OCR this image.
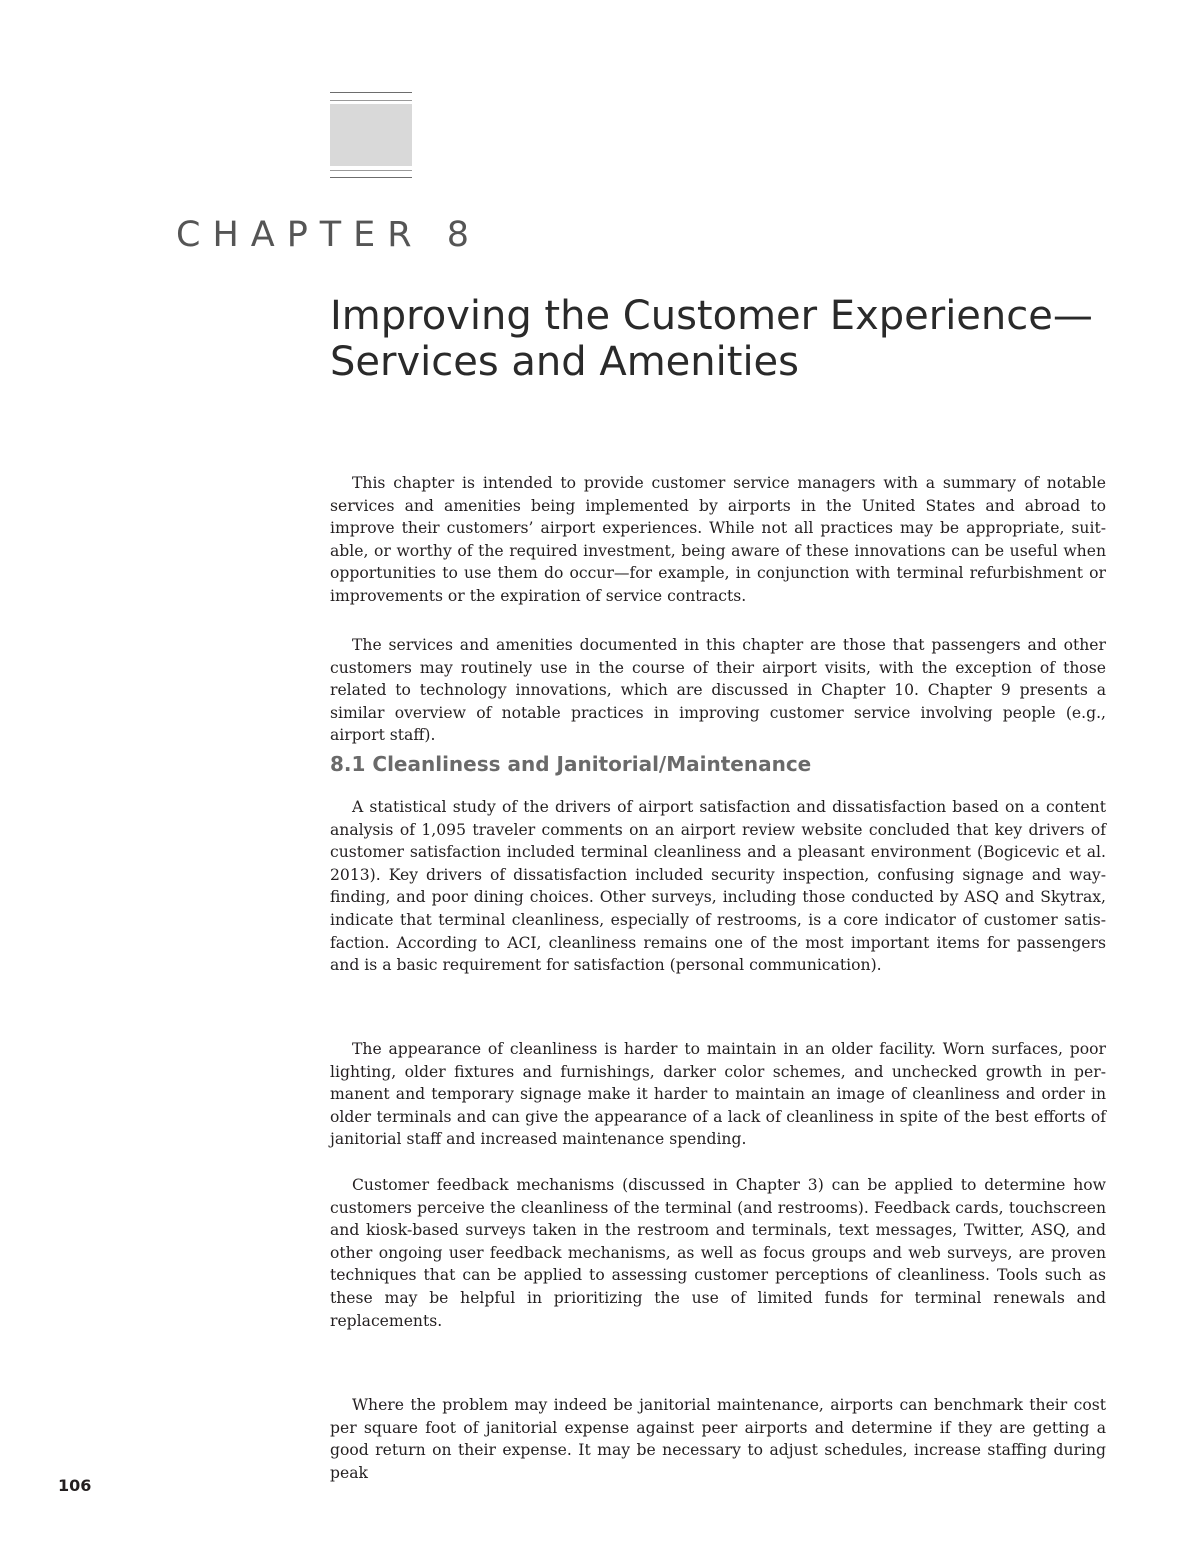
CHAPTER 8
Improving the Customer Experience—Services and Amenities

This chapter is intended to provide customer service managers with a summary of notable services and amenities being implemented by airports in the United States and abroad to improve their customers’ airport experiences. While not all practices may be appropriate, suitable, or worthy of the required investment, being aware of these innovations can be useful when opportunities to use them do occur—for example, in conjunction with terminal refurbishment or improvements or the expiration of service contracts.

The services and amenities documented in this chapter are those that passengers and other customers may routinely use in the course of their airport visits, with the exception of those related to technology innovations, which are discussed in Chapter 10. Chapter 9 presents a similar overview of notable practices in improving customer service involving people (e.g., airport staff).

8.1 Cleanliness and Janitorial/Maintenance

A statistical study of the drivers of airport satisfaction and dissatisfaction based on a content analysis of 1,095 traveler comments on an airport review website concluded that key drivers of customer satisfaction included terminal cleanliness and a pleasant environment (Bogicevic et al. 2013). Key drivers of dissatisfaction included security inspection, confusing signage and wayfinding, and poor dining choices. Other surveys, including those conducted by ASQ and Skytrax, indicate that terminal cleanliness, especially of restrooms, is a core indicator of customer satisfaction. According to ACI, cleanliness remains one of the most important items for passengers and is a basic requirement for satisfaction (personal communication).

The appearance of cleanliness is harder to maintain in an older facility. Worn surfaces, poor lighting, older fixtures and furnishings, darker color schemes, and unchecked growth in permanent and temporary signage make it harder to maintain an image of cleanliness and order in older terminals and can give the appearance of a lack of cleanliness in spite of the best efforts of janitorial staff and increased maintenance spending.

Customer feedback mechanisms (discussed in Chapter 3) can be applied to determine how customers perceive the cleanliness of the terminal (and restrooms). Feedback cards, touchscreen and kiosk-based surveys taken in the restroom and terminals, text messages, Twitter, ASQ, and other ongoing user feedback mechanisms, as well as focus groups and web surveys, are proven techniques that can be applied to assessing customer perceptions of cleanliness. Tools such as these may be helpful in prioritizing the use of limited funds for terminal renewals and replacements.

Where the problem may indeed be janitorial maintenance, airports can benchmark their cost per square foot of janitorial expense against peer airports and determine if they are getting a good return on their expense. It may be necessary to adjust schedules, increase staffing during peak

106
